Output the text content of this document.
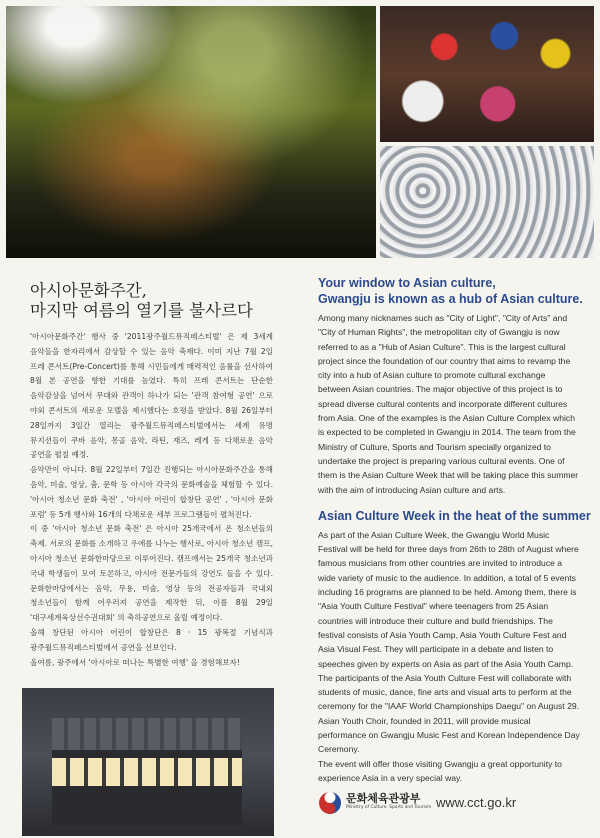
아시아문화주간,
마지막 여름의 열기를 불사르다

'아시아문화주간' 행사 중 '2011광주월드뮤직페스티벌' 은 제 3세계 음악들을 한자리에서 감상할 수 있는 음악 축제다. 이미 지난 7월 2일 프레 콘서트(Pre-Concert)를 통해 시민들에게 매력적인 음률을 선사하여 8월 본 공연을 향한 기대를 높였다. 특히 프레 콘서트는 단순한 음악감상을 넘어서 무대와 관객이 하나가 되는 '관객 참여형 공연' 으로 야외 콘서트의 새로운 모델을 제시했다는 호평을 받았다. 8월 26일부터 28일까지 3일간 열리는 광주월드뮤직페스티벌에서는 세계 유명 뮤지션들이 쿠바 음악, 몽골 음악, 라틴, 재즈, 레게 등 다채로운 음악 공연을 펼칠 예정.

음악만이 아니다. 8월 22일부터 7일간 진행되는 아시아문화주간을 통해 음악, 미술, 영상, 춤, 문학 등 아시아 각국의 문화예술을 체험할 수 있다. '아시아 청소년 문화 축전' , '아시아 어린이 합창단 공연' , '아시아 문화 포럼' 등 5개 행사와 16개의 다채로운 세부 프로그램들이 펼쳐진다.

이 중 '아시아 청소년 문화 축전' 은 아시아 25개국에서 온 청소년들의 축제. 서로의 문화를 소개하고 우애를 나누는 행사로, 아시아 청소년 캠프, 아시아 청소년 문화한마당으로 이루어진다. 캠프에서는 25개국 청소년과 국내 학생들이 모여 토론하고, 아시아 전문가들의 강연도 들을 수 있다. 문화한마당에서는 음악, 무용, 미술, 영상 등의 전공자들과 국내외 청소년들이 함께 어우러져 공연을 제작한 뒤, 이를 8월 29일 '대구세계육상선수권대회' 의 축하공연으로 올릴 예정이다.

올해 창단된 아시아 어린이 합창단은 8 · 15 광복절 기념식과 광주월드뮤직페스티벌에서 공연을 선보인다.

올여름, 광주에서 '아시아로 떠나는 특별한 여행' 을 경험해보자!

Your window to Asian culture,
Gwangju is known as a hub of Asian culture.

Among many nicknames such as "City of Light", "City of Arts" and "City of Human Rights", the metropolitan city of Gwangju is now referred to as a "Hub of Asian Culture". This is the largest cultural project since the foundation of our country that aims to revamp the city into a hub of Asian culture to promote cultural exchange between Asian countries. The major objective of this project is to spread diverse cultural contents and incorporate different cultures from Asia. One of the examples is the Asian Culture Complex which is expected to be completed in Gwangju in 2014. The team from the Ministry of Culture, Sports and Tourism specially organized to undertake the project is preparing various cultural events. One of them is the Asian Culture Week that will be taking place this summer with the aim of introducing Asian culture and arts.

Asian Culture Week in the heat of the summer

As part of the Asian Culture Week, the Gwangju World Music Festival will be held for three days from 26th to 28th of August where famous musicians from other countries are invited to introduce a wide variety of music to the audience. In addition, a total of 5 events including 16 programs are planned to be held. Among them, there is "Asia Youth Culture Festival" where teenagers from 25 Asian countries will introduce their culture and build friendships. The festival consists of Asia Youth Camp, Asia Youth Culture Fest and Asia Visual Fest. They will participate in a debate and listen to speeches given by experts on Asia as part of the Asia Youth Camp. The participants of the Asia Youth Culture Fest will collaborate with students of music, dance, fine arts and visual arts to perform at the ceremony for the "IAAF World Championships Daegu" on August 29.

Asian Youth Choir, founded in 2011, will provide musical performance on Gwangju Music Fest and Korean Independence Day Ceremony.

The event will offer those visiting Gwangju a great opportunity to experience Asia in a very special way.

문화체육관광부
Ministry of Culture, Sports and Tourism www.cct.go.kr
